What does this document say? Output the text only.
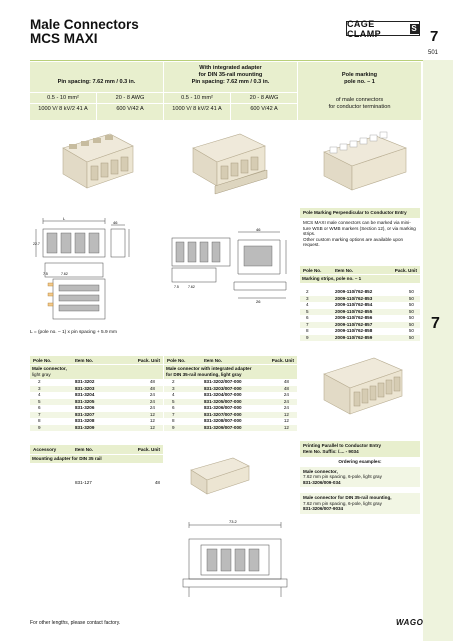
Male Connectors
MCS MAXI
CAGE CLAMP
S 7
501
7
Pin spacing: 7.62 mm / 0.3 in.
0.5 - 10 mm²	20 - 8 AWG
1000 V/ 8 kV/2 41 A	600 V/42 A
With integrated adapter
for DIN 35-rail mounting
Pin spacing: 7.62 mm / 0.3 in.
0.5 - 10 mm²	20 - 8 AWG
1000 V/ 8 kV/2 41 A	600 V/42 A
Pole marking
pole no. – 1
of male connectors
for conductor termination
L
46
22.7
7.5	7.62
46
26
7.5	7.62
L = (pole no. – 1) x pin spacing + 5.9 mm
Pole Marking Perpendicular to Conductor Entry
MCS MAXI male connectors can be marked via mini-
ture WSB or WMB markers (Section 12), or via marking
strips.
Other custom marking options are available upon
request.
Pole No.	Item No.	Pack. Unit
Marking strips, pole no. – 1
2	2009-110/762-852	50
3	2009-110/762-853	50
4	2009-110/762-854	50
5	2009-110/762-855	50
6	2009-110/762-856	50
7	2009-110/762-857	50
8	2009-110/762-858	50
9	2009-110/762-859	50
Pole No.	Item No.	Pack. Unit
Male connector,
light gray
2	831-3202	48
3	831-3203	48
4	831-3204	24
5	831-3205	24
6	831-3206	24
7	831-3207	12
8	831-3208	12
9	831-3209	12
Pole No.	Item No.	Pack. Unit
Male connector with integrated adapter
for DIN 35-rail mounting, light gray
2	831-3202/007-000	48
3	831-3203/007-000	48
4	831-3204/007-000	24
5	831-3205/007-000	24
6	831-3206/007-000	24
7	831-3207/007-000	12
8	831-3208/007-000	12
9	831-3209/007-000	12
Accessory	Item No.	Pack. Unit
Mounting adapter for DIN 35 rail
831-127	48
Printing Parallel to Conductor Entry
Item No. Suffix: /.... - 9034
Ordering examples:
Male connector,
7.62 mm pin spacing, 6-pole, light gray
831-3206/009-034
Male connector for DIN 35-rail mounting,
7.62 mm pin spacing, 6-pole, light gray
831-3206/007-9034
73.2
For other lengths, please contact factory.	WAGO
